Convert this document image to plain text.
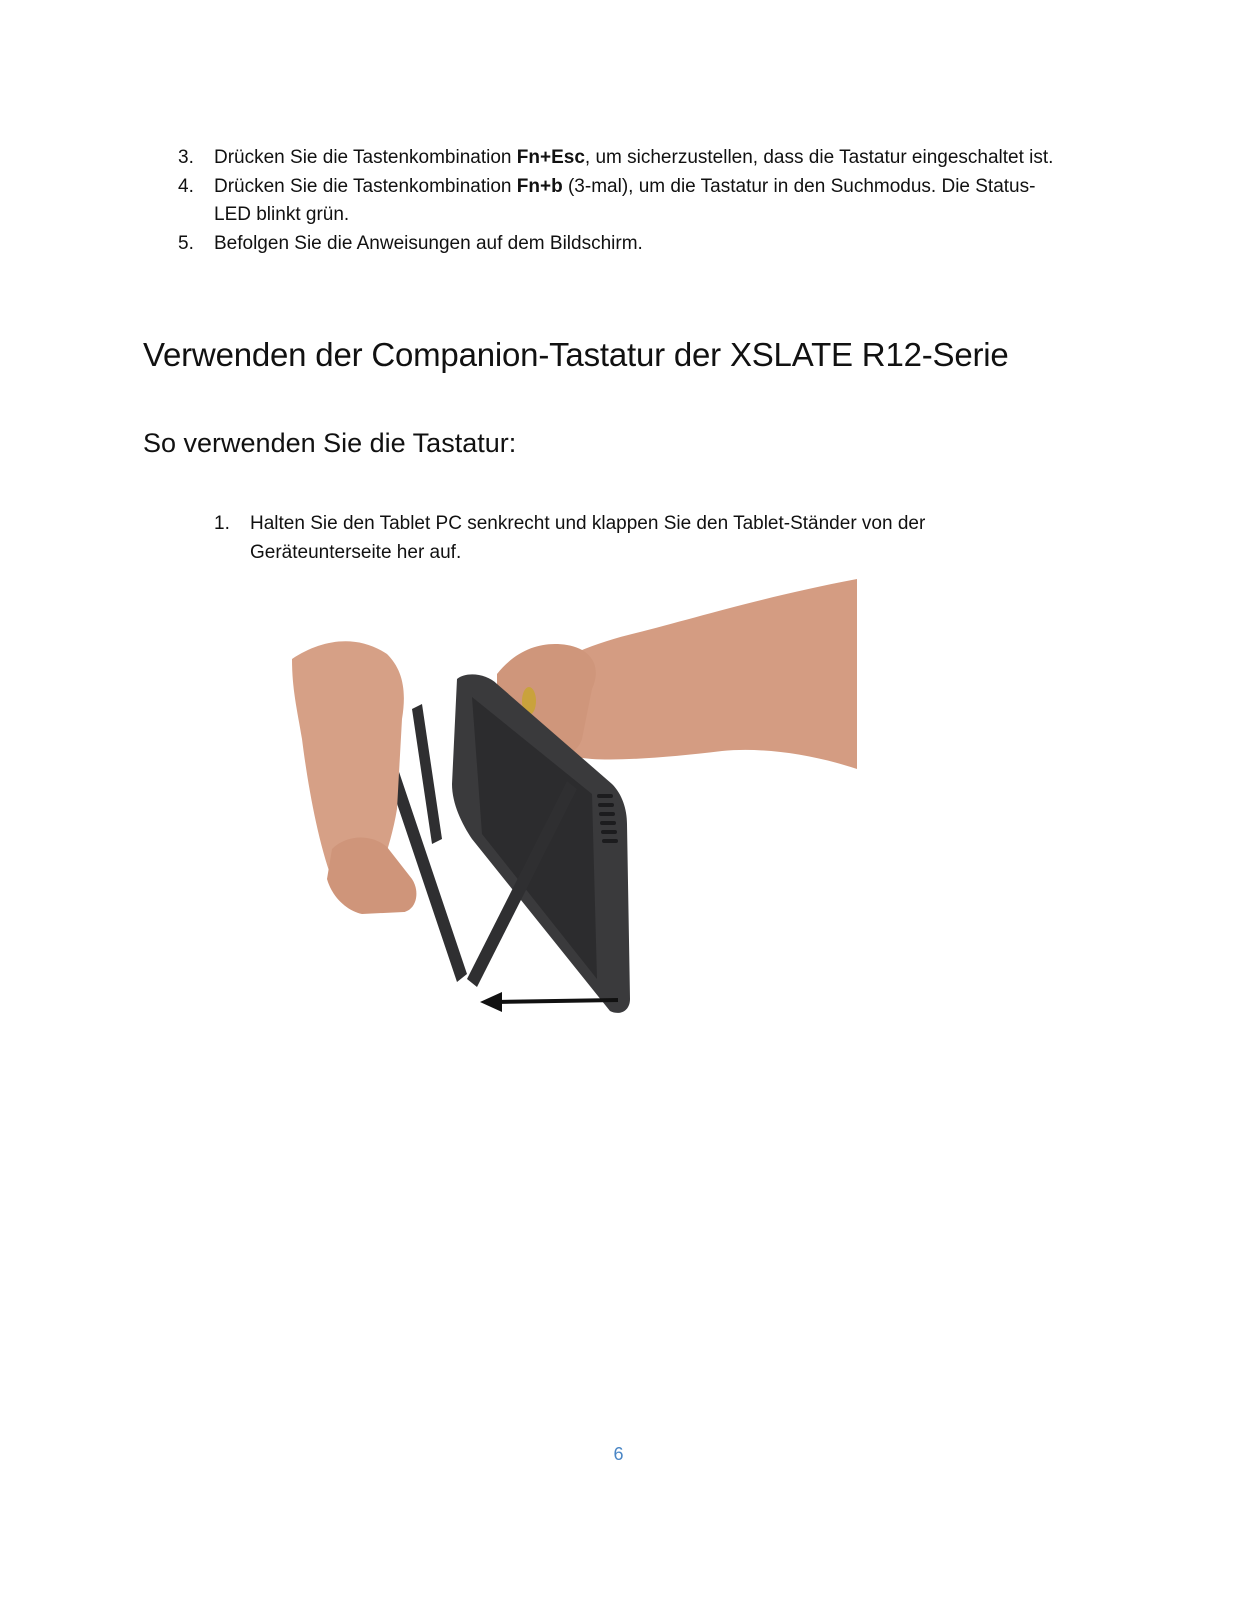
3. Drücken Sie die Tastenkombination Fn+Esc, um sicherzustellen, dass die Tastatur eingeschaltet ist.
4. Drücken Sie die Tastenkombination Fn+b (3-mal), um die Tastatur in den Suchmodus. Die Status-LED blinkt grün.
5. Befolgen Sie die Anweisungen auf dem Bildschirm.
Verwenden der Companion-Tastatur der XSLATE R12-Serie
So verwenden Sie die Tastatur:
1. Halten Sie den Tablet PC senkrecht und klappen Sie den Tablet-Ständer von der Geräteunterseite her auf.
6
